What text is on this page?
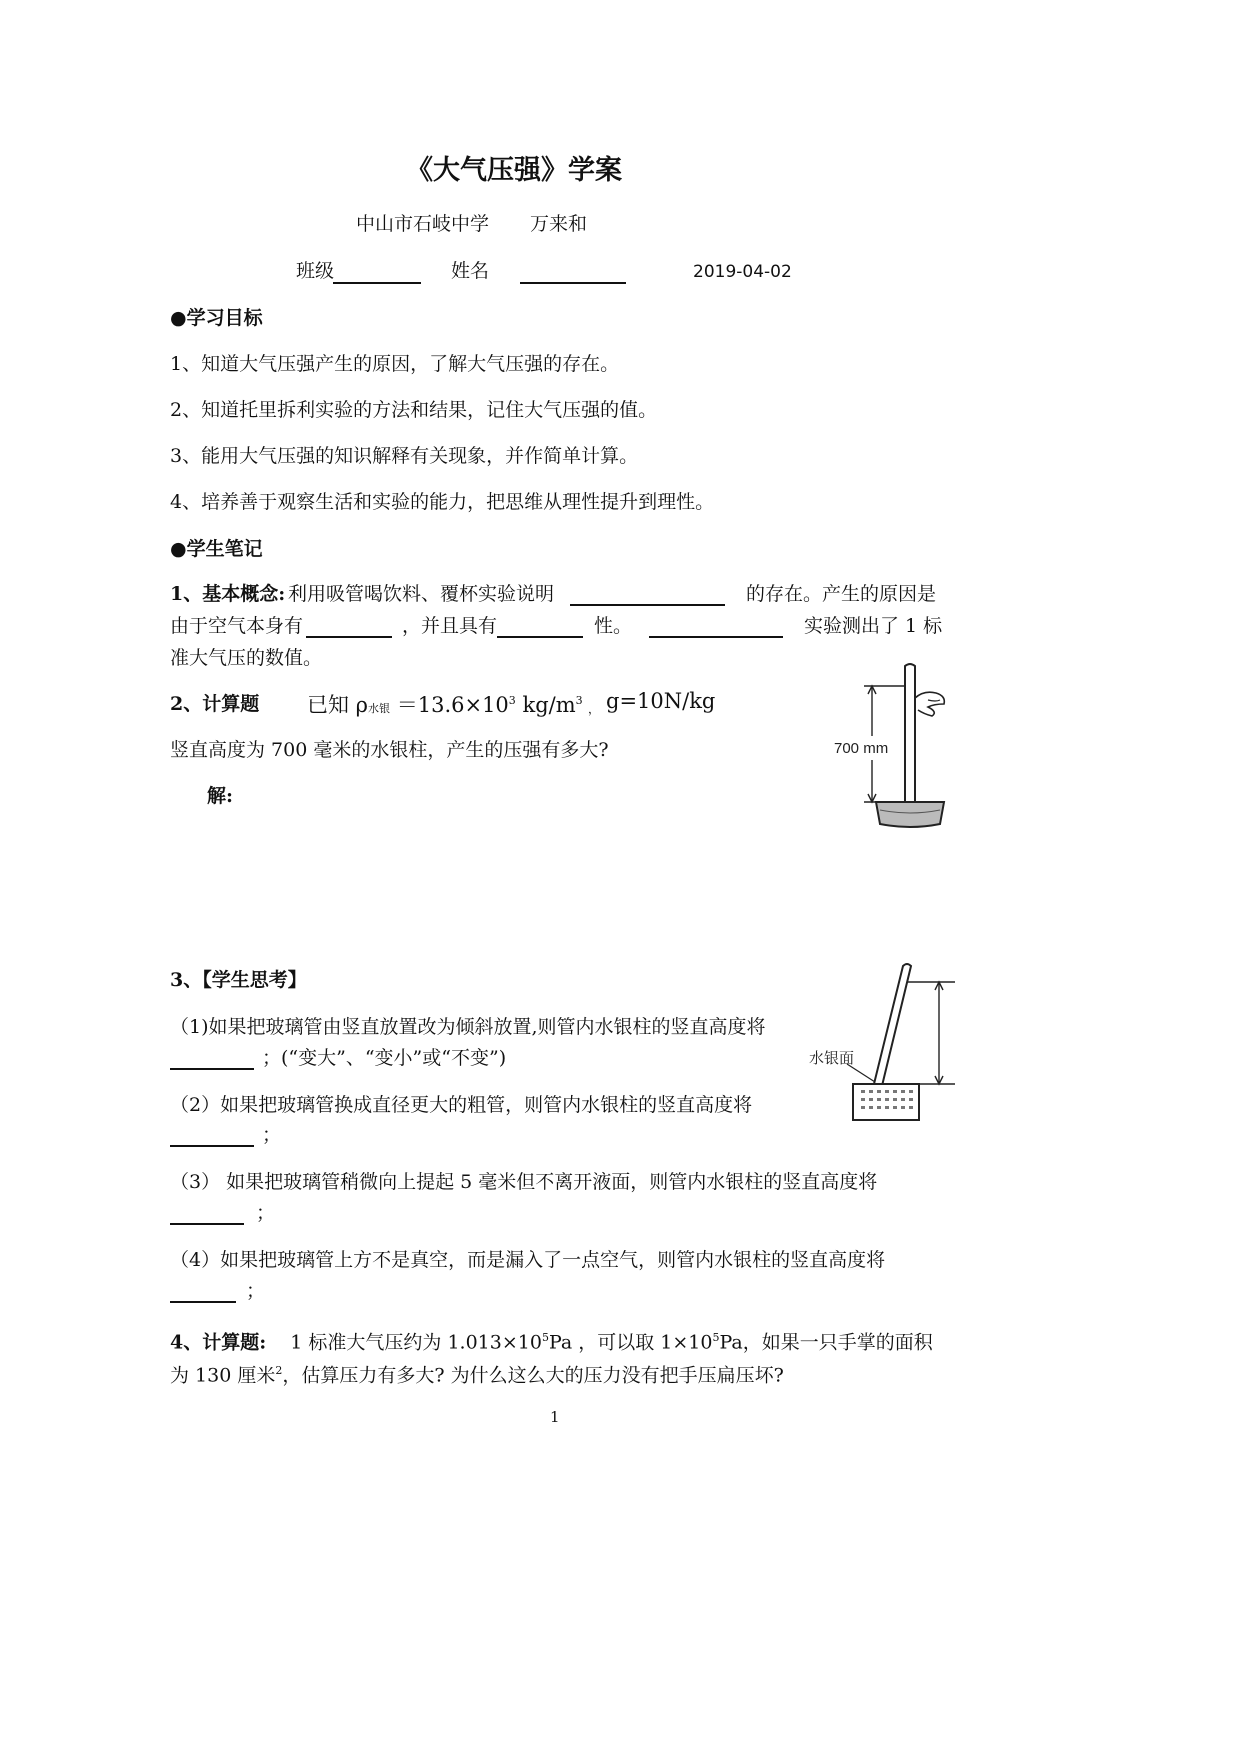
《大气压强》学案
中山市石岐中学 万来和
班级	姓名	2019-04-02
●学习目标
1、知道大气压强产生的原因，了解大气压强的存在。
2、知道托里拆利实验的方法和结果，记住大气压强的值。
3、能用大气压强的知识解释有关现象，并作简单计算。
4、培养善于观察生活和实验的能力，把思维从理性提升到理性。
●学生笔记
1、基本概念: 利用吸管喝饮料、覆杯实验说明	的存在。产生的原因是
由于空气本身有	，并且具有	性。	实验测出了 1 标
准大气压的数值。
2、计算题 已知 ρ水银 $=13.6\times 10^3$ $kg/m^3$
， g=10N/kg
竖直高度为 700 毫米的水银柱，产生的压强有多大?
解:
700 mm
3、【学生思考】
（1)如果把玻璃管由竖直放置改为倾斜放置,则管内水银柱的竖直高度将
；(“变大”、“变小”或“不变”)
（2）如果把玻璃管换成直径更大的粗管，则管内水银柱的竖直高度将
；
（3） 如果把玻璃管稍微向上提起 5 毫米但不离开液面，则管内水银柱的竖直高度将
；
（4）如果把玻璃管上方不是真空，而是漏入了一点空气，则管内水银柱的竖直高度将
；
水银面
4、计算题: 1 标准大气压约为 $1.013\times 10^5Pa$ ，可以取 $1\times 10^5Pa$，如果一只手掌的面积
为 130 厘米$^2$，估算压力有多大? 为什么这么大的压力没有把手压扁压坏?
1
